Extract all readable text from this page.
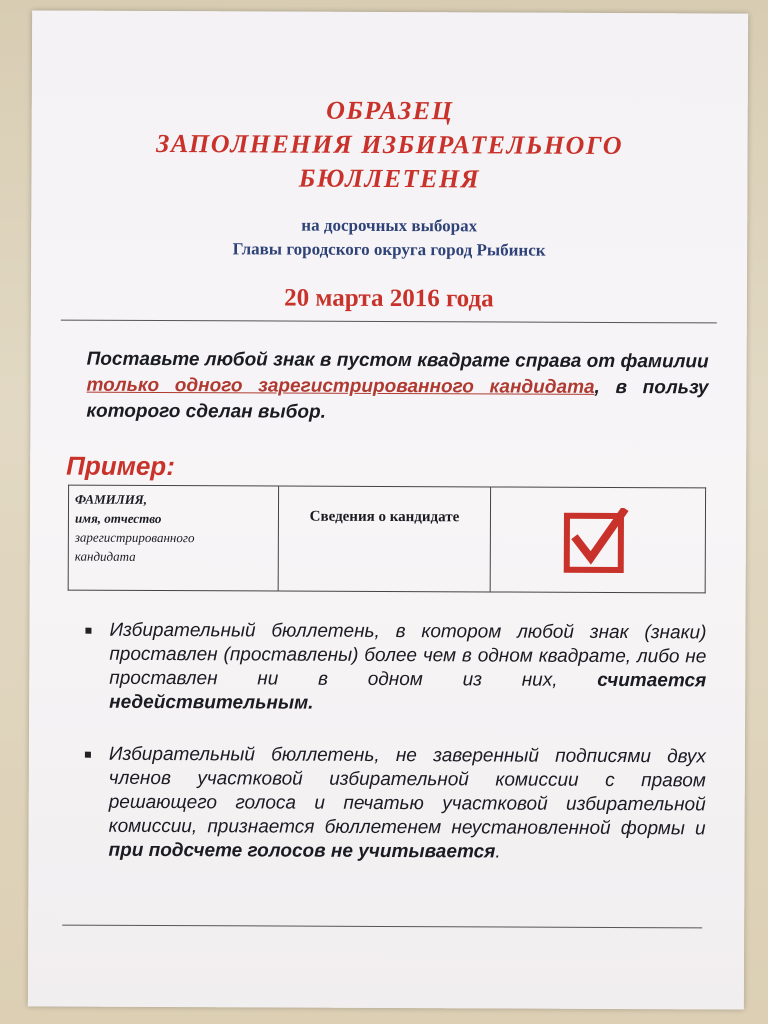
ОБРАЗЕЦ
ЗАПОЛНЕНИЯ ИЗБИРАТЕЛЬНОГО
БЮЛЛЕТЕНЯ
на досрочных выборах
Главы городского округа город Рыбинск
20 марта 2016 года
Поставьте любой знак в пустом квадрате справа от фамилии только одного зарегистрированного кандидата, в пользу которого сделан выбор.
Пример:
ФАМИЛИЯ,
имя, отчество
зарегистрированного
кандидата
	Сведения о кандидате	
Избирательный бюллетень, в котором любой знак (знаки) проставлен (проставлены) более чем в одном квадрате, либо не проставлен ни в одном из них, считается недействительным.
Избирательный бюллетень, не заверенный подписями двух членов участковой избирательной комиссии с правом решающего голоса и печатью участковой избирательной комиссии, признается бюллетенем неустановленной формы и при подсчете голосов не учитывается.
